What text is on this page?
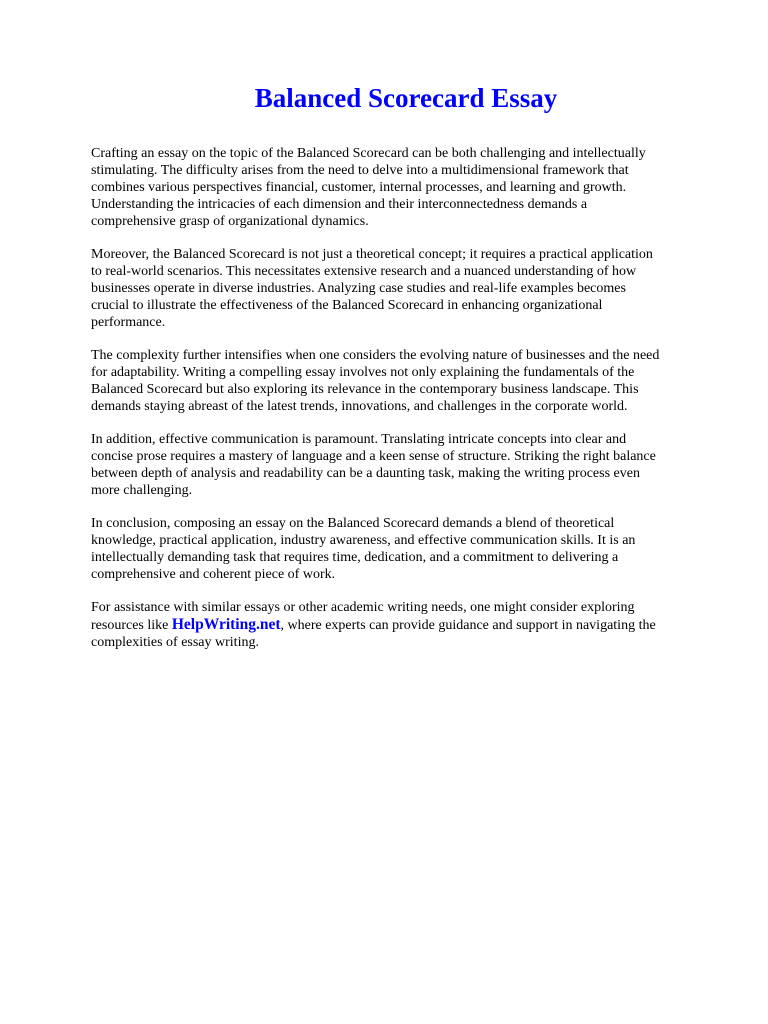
Balanced Scorecard Essay

Crafting an essay on the topic of the Balanced Scorecard can be both challenging and intellectually
stimulating. The difficulty arises from the need to delve into a multidimensional framework that
combines various perspectives financial, customer, internal processes, and learning and growth.
Understanding the intricacies of each dimension and their interconnectedness demands a
comprehensive grasp of organizational dynamics.

Moreover, the Balanced Scorecard is not just a theoretical concept; it requires a practical application
to real-world scenarios. This necessitates extensive research and a nuanced understanding of how
businesses operate in diverse industries. Analyzing case studies and real-life examples becomes
crucial to illustrate the effectiveness of the Balanced Scorecard in enhancing organizational
performance.

The complexity further intensifies when one considers the evolving nature of businesses and the need
for adaptability. Writing a compelling essay involves not only explaining the fundamentals of the
Balanced Scorecard but also exploring its relevance in the contemporary business landscape. This
demands staying abreast of the latest trends, innovations, and challenges in the corporate world.

In addition, effective communication is paramount. Translating intricate concepts into clear and
concise prose requires a mastery of language and a keen sense of structure. Striking the right balance
between depth of analysis and readability can be a daunting task, making the writing process even
more challenging.

In conclusion, composing an essay on the Balanced Scorecard demands a blend of theoretical
knowledge, practical application, industry awareness, and effective communication skills. It is an
intellectually demanding task that requires time, dedication, and a commitment to delivering a
comprehensive and coherent piece of work.

For assistance with similar essays or other academic writing needs, one might consider exploring
resources like HelpWriting.net, where experts can provide guidance and support in navigating the
complexities of essay writing.
